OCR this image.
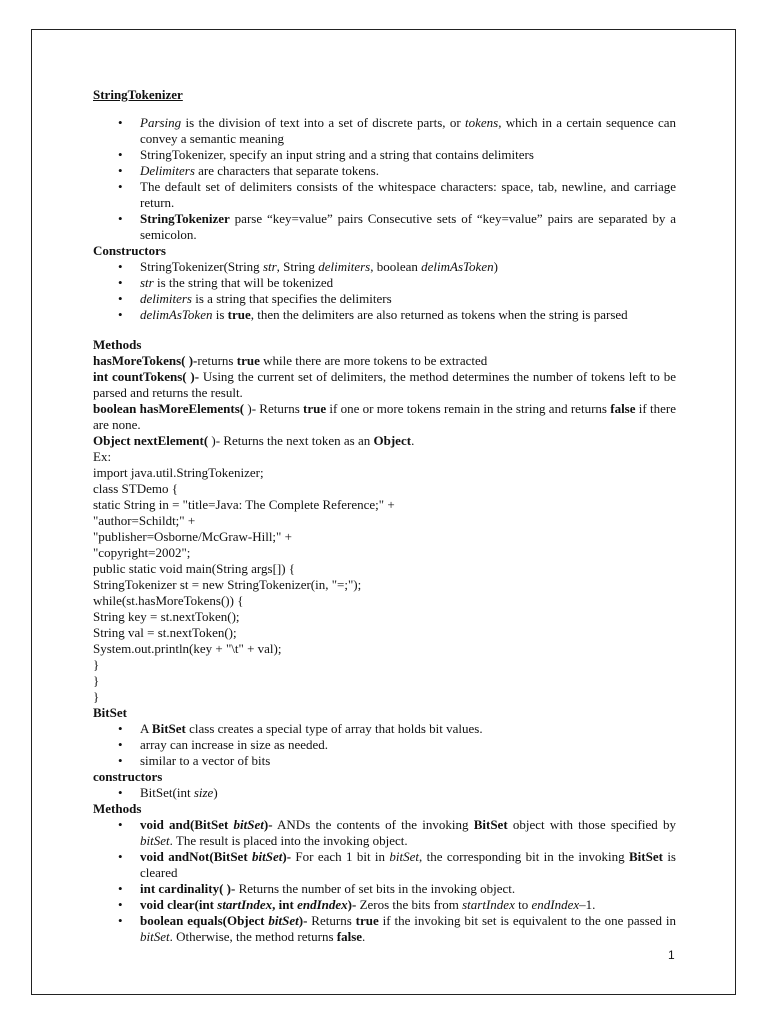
StringTokenizer
• Parsing is the division of text into a set of discrete parts, or tokens, which in a certain sequence can convey a semantic meaning
• StringTokenizer, specify an input string and a string that contains delimiters
• Delimiters are characters that separate tokens.
• The default set of delimiters consists of the whitespace characters: space, tab, newline, and carriage return.
• StringTokenizer parse “key=value” pairs Consecutive sets of “key=value” pairs are separated by a semicolon.
Constructors
• StringTokenizer(String str, String delimiters, boolean delimAsToken)
• str is the string that will be tokenized
• delimiters is a string that specifies the delimiters
• delimAsToken is true, then the delimiters are also returned as tokens when the string is parsed
Methods
hasMoreTokens( )-returns true while there are more tokens to be extracted
int countTokens( )- Using the current set of delimiters, the method determines the number of tokens left to be parsed and returns the result.
boolean hasMoreElements( )- Returns true if one or more tokens remain in the string and returns false if there are none.
Object nextElement( )- Returns the next token as an Object.
Ex:
import java.util.StringTokenizer;
class STDemo {
static String in = "title=Java: The Complete Reference;" +
"author=Schildt;" +
"publisher=Osborne/McGraw-Hill;" +
"copyright=2002";
public static void main(String args[]) {
StringTokenizer st = new StringTokenizer(in, "=;");
while(st.hasMoreTokens()) {
String key = st.nextToken();
String val = st.nextToken();
System.out.println(key + "\t" + val);
}
}
}
BitSet
• A BitSet class creates a special type of array that holds bit values.
• array can increase in size as needed.
• similar to a vector of bits
constructors
• BitSet(int size)
Methods
• void and(BitSet bitSet)- ANDs the contents of the invoking BitSet object with those specified by bitSet. The result is placed into the invoking object.
• void andNot(BitSet bitSet)- For each 1 bit in bitSet, the corresponding bit in the invoking BitSet is cleared
• int cardinality( )- Returns the number of set bits in the invoking object.
• void clear(int startIndex, int endIndex)- Zeros the bits from startIndex to endIndex–1.
• boolean equals(Object bitSet)- Returns true if the invoking bit set is equivalent to the one passed in bitSet. Otherwise, the method returns false.
1
